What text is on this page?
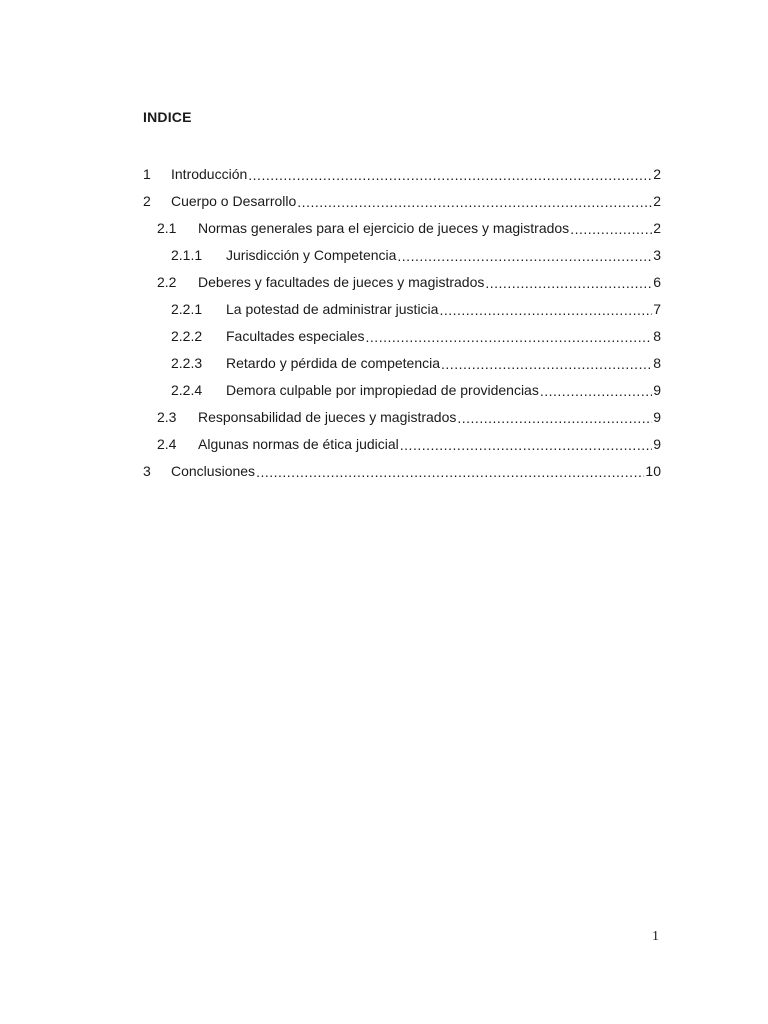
INDICE
1	Introducción .....	2
2	Cuerpo o Desarrollo .....	2
2.1	Normas generales para el ejercicio de jueces y magistrados .....	2
2.1.1	Jurisdicción y Competencia .....	3
2.2	Deberes y facultades de jueces y magistrados .....	6
2.2.1	La potestad de administrar justicia .....	7
2.2.2	Facultades especiales .....	8
2.2.3	Retardo y pérdida de competencia .....	8
2.2.4	Demora culpable por impropiedad de providencias .....	9
2.3	Responsabilidad de jueces y magistrados .....	9
2.4	Algunas normas de ética judicial .....	9
3	Conclusiones .....	10
1
